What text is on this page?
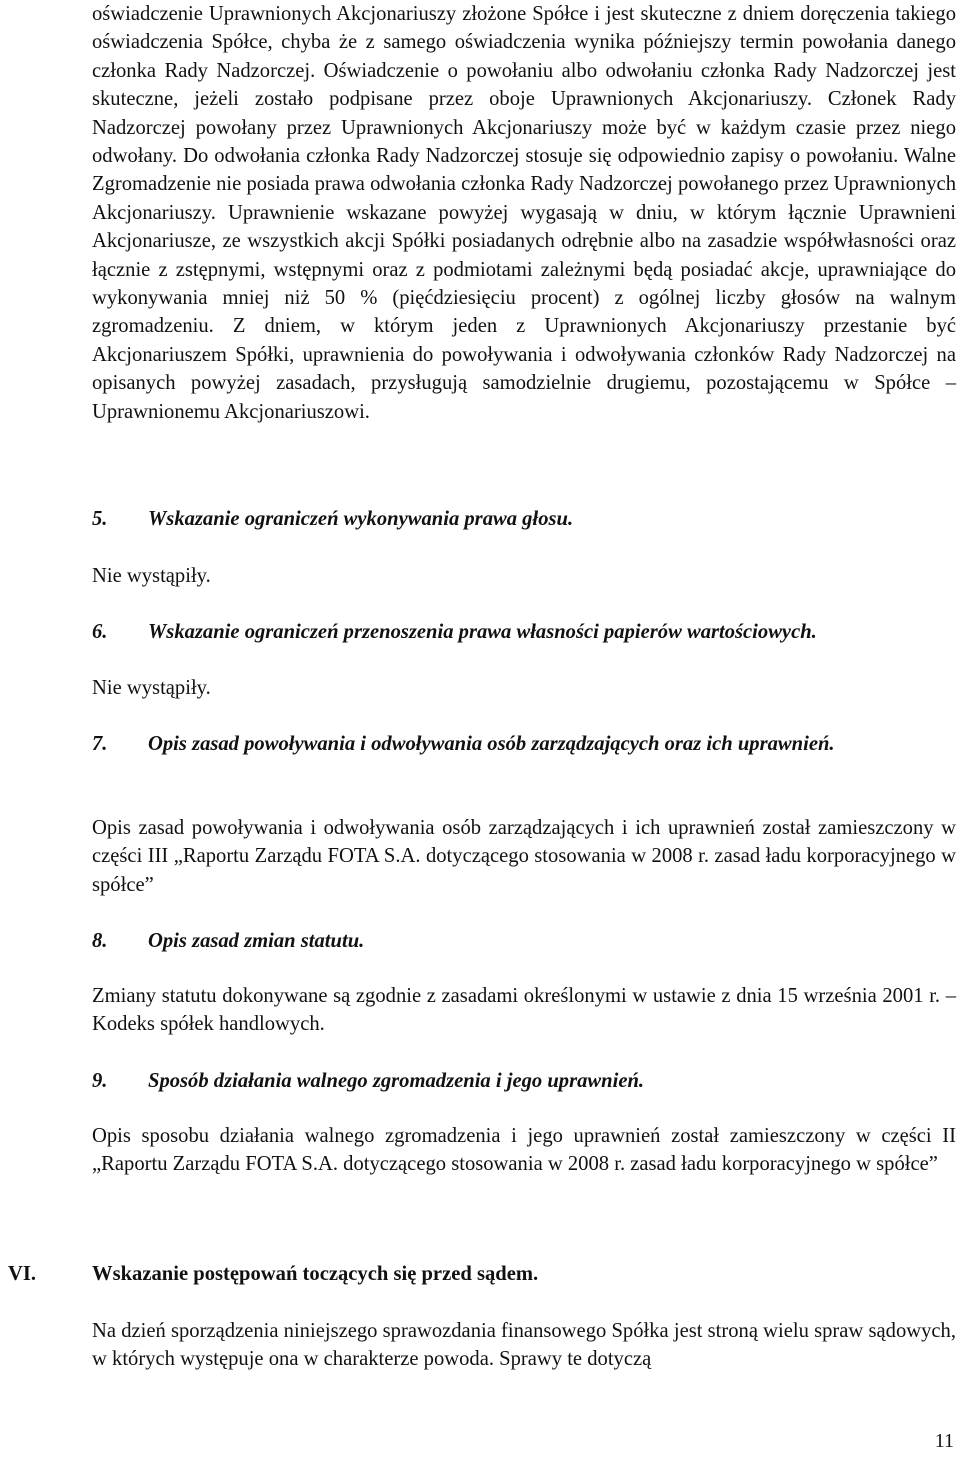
oświadczenie Uprawnionych Akcjonariuszy złożone Spółce i jest skuteczne z dniem doręczenia takiego oświadczenia Spółce, chyba że z samego oświadczenia wynika późniejszy termin powołania danego członka Rady Nadzorczej. Oświadczenie o powołaniu albo odwołaniu członka Rady Nadzorczej jest skuteczne, jeżeli zostało podpisane przez oboje Uprawnionych Akcjonariuszy. Członek Rady Nadzorczej powołany przez Uprawnionych Akcjonariuszy może być w każdym czasie przez niego odwołany. Do odwołania członka Rady Nadzorczej stosuje się odpowiednio zapisy o powołaniu. Walne Zgromadzenie nie posiada prawa odwołania członka Rady Nadzorczej powołanego przez Uprawnionych Akcjonariuszy. Uprawnienie wskazane powyżej wygasają w dniu, w którym łącznie Uprawnieni Akcjonariusze, ze wszystkich akcji Spółki posiadanych odrębnie albo na zasadzie współwłasności oraz łącznie z zstępnymi, wstępnymi oraz z podmiotami zależnymi będą posiadać akcje, uprawniające do wykonywania mniej niż 50 % (pięćdziesięciu procent) z ogólnej liczby głosów na walnym zgromadzeniu. Z dniem, w którym jeden z Uprawnionych Akcjonariuszy przestanie być Akcjonariuszem Spółki, uprawnienia do powoływania i odwoływania członków Rady Nadzorczej na opisanych powyżej zasadach, przysługują samodzielnie drugiemu, pozostającemu w Spółce – Uprawnionemu Akcjonariuszowi.

5. Wskazanie ograniczeń wykonywania prawa głosu.

Nie wystąpiły.

6. Wskazanie ograniczeń przenoszenia prawa własności papierów wartościowych.

Nie wystąpiły.

7. Opis zasad powoływania i odwoływania osób zarządzających oraz ich uprawnień.

Opis zasad powoływania i odwoływania osób zarządzających i ich uprawnień został zamieszczony w części III „Raportu Zarządu FOTA S.A. dotyczącego stosowania w 2008 r. zasad ładu korporacyjnego w spółce”

8. Opis zasad zmian statutu.

Zmiany statutu dokonywane są zgodnie z zasadami określonymi w ustawie z dnia 15 września 2001 r. – Kodeks spółek handlowych.

9. Sposób działania walnego zgromadzenia i jego uprawnień.

Opis sposobu działania walnego zgromadzenia i jego uprawnień został zamieszczony w części II „Raportu Zarządu FOTA S.A. dotyczącego stosowania w 2008 r. zasad ładu korporacyjnego w spółce”

VI.	Wskazanie postępowań toczących się przed sądem.

Na dzień sporządzenia niniejszego sprawozdania finansowego Spółka jest stroną wielu spraw sądowych, w których występuje ona w charakterze powoda. Sprawy te dotyczą

11
